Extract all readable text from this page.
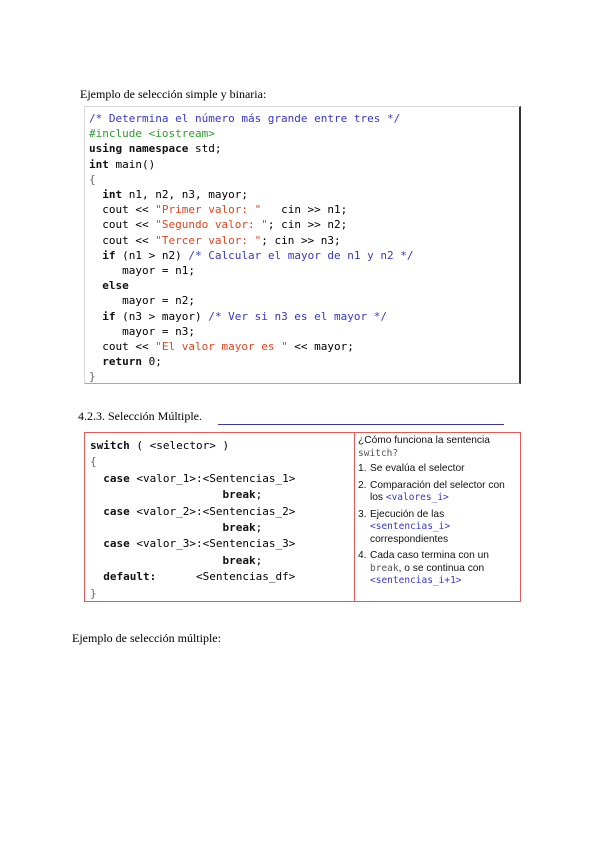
Ejemplo de selección simple y binaria:
/* Determina el número más grande entre tres */
#include <iostream>
using namespace std;
int main()
{
int n1, n2, n3, mayor;
cout << "Primer valor: "   cin >> n1;
cout << "Segundo valor: "; cin >> n2;
cout << "Tercer valor: "; cin >> n3;
if (n1 > n2) /* Calcular el mayor de n1 y n2 */
mayor = n1;
else
mayor = n2;
if (n3 > mayor) /* Ver si n3 es el mayor */
mayor = n3;
cout << "El valor mayor es " << mayor;
return 0;
}
4.2.3. Selección Múltiple.
switch ( <selector> )
{
case <valor_1>:<Sentencias_1>
break;
case <valor_2>:<Sentencias_2>
break;
case <valor_3>:<Sentencias_3>
break;
default:      <Sentencias_df>
}
¿Cómo funciona la sentencia
switch?
1. Se evalúa el selector
2. Comparación del selector con los <valores_i>
3. Ejecución de las <sentencias_i> correspondientes
4. Cada caso termina con un break, o se continua con <sentencias_i+1>
Ejemplo de selección múltiple:
